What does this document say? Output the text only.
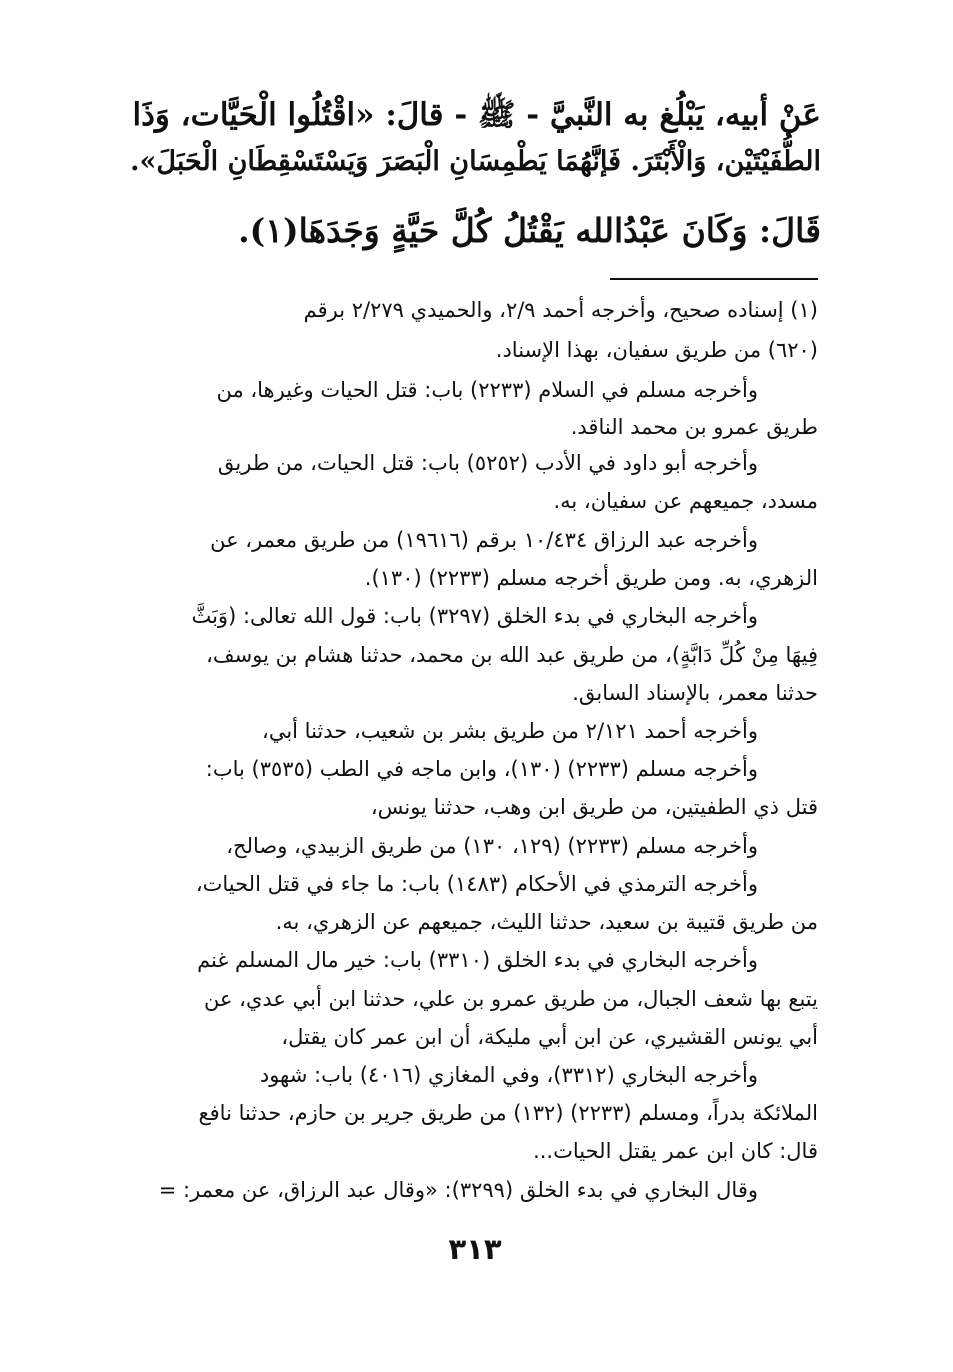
عَنْ أبيه، يَبْلُغ به النَّبيَّ - ﷺ - قالَ: «اقْتُلُوا الْحَيَّات، وَذَا
الطُّفَيْتَيْن، وَالْأَبْتَرَ. فَإنَّهُمَا يَطْمِسَانِ الْبَصَرَ وَيَسْتَسْقِطَانِ الْحَبَلَ».
قَالَ: وَكَانَ عَبْدُالله يَقْتُلُ كُلَّ حَيَّةٍ وَجَدَهَا(١).
(١) إسناده صحيح، وأخرجه أحمد ٢/٩، والحميدي ٢/٢٧٩ برقم
(٦٢٠) من طريق سفيان، بهذا الإسناد.
وأخرجه مسلم في السلام (٢٢٣٣) باب: قتل الحيات وغيرها، من
طريق عمرو بن محمد الناقد.
وأخرجه أبو داود في الأدب (٥٢٥٢) باب: قتل الحيات، من طريق
مسدد، جميعهم عن سفيان، به.
وأخرجه عبد الرزاق ١٠/٤٣٤ برقم (١٩٦١٦) من طريق معمر، عن
الزهري، به. ومن طريق أخرجه مسلم (٢٢٣٣) (١٣٠).
وأخرجه البخاري في بدء الخلق (٣٢٩٧) باب: قول الله تعالى: (وَبَثَّ
فِيهَا مِنْ كُلِّ دَابَّةٍ)، من طريق عبد الله بن محمد، حدثنا هشام بن يوسف،
حدثنا معمر، بالإسناد السابق.
وأخرجه أحمد ٢/١٢١ من طريق بشر بن شعيب، حدثنا أبي،
وأخرجه مسلم (٢٢٣٣) (١٣٠)، وابن ماجه في الطب (٣٥٣٥) باب:
قتل ذي الطفيتين، من طريق ابن وهب، حدثنا يونس،
وأخرجه مسلم (٢٢٣٣) (١٢٩، ١٣٠) من طريق الزبيدي، وصالح،
وأخرجه الترمذي في الأحكام (١٤٨٣) باب: ما جاء في قتل الحيات،
من طريق قتيبة بن سعيد، حدثنا الليث، جميعهم عن الزهري، به.
وأخرجه البخاري في بدء الخلق (٣٣١٠) باب: خير مال المسلم غنم
يتبع بها شعف الجبال، من طريق عمرو بن علي، حدثنا ابن أبي عدي، عن
أبي يونس القشيري، عن ابن أبي مليكة، أن ابن عمر كان يقتل،
وأخرجه البخاري (٣٣١٢)، وفي المغازي (٤٠١٦) باب: شهود
الملائكة بدراً، ومسلم (٢٢٣٣) (١٣٢) من طريق جرير بن حازم، حدثنا نافع
قال: كان ابن عمر يقتل الحيات...
وقال البخاري في بدء الخلق (٣٢٩٩): «وقال عبد الرزاق، عن معمر: =
٣١٣
